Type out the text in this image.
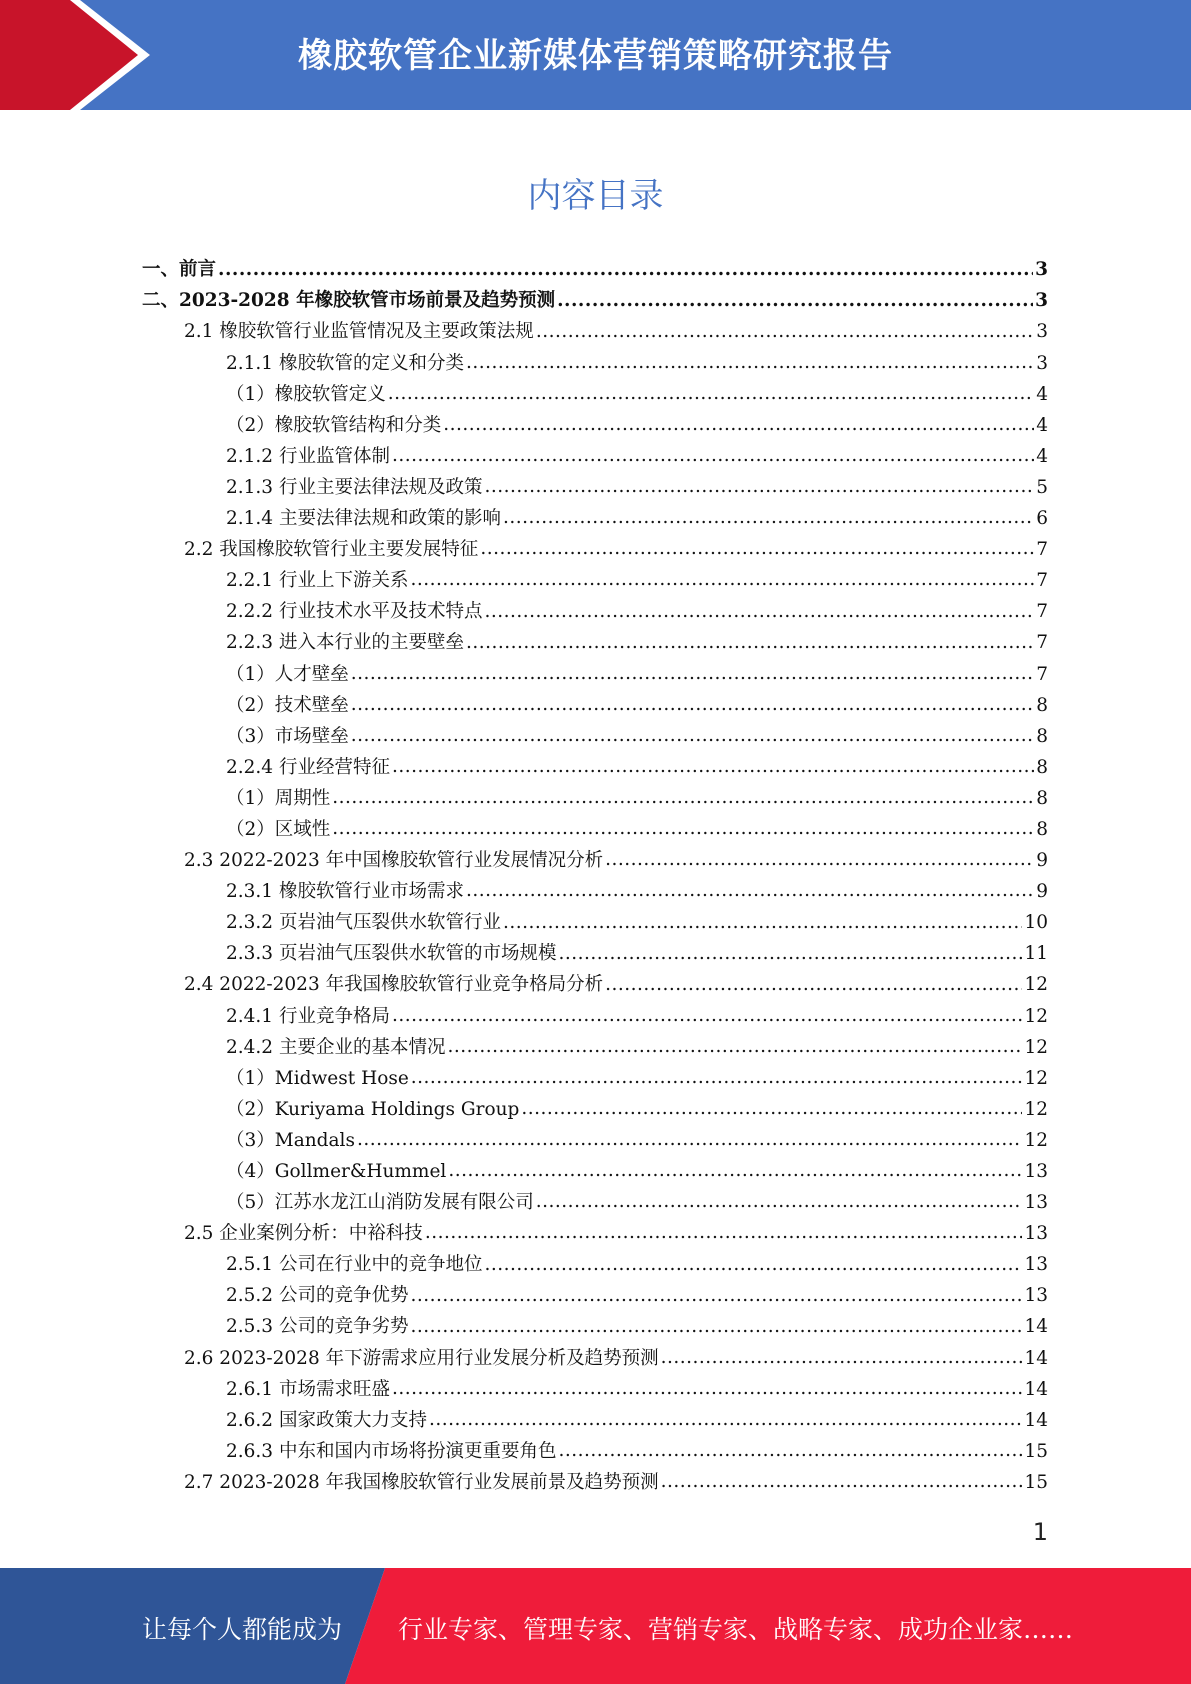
橡胶软管企业新媒体营销策略研究报告
内容目录
一、前言 .....	3
二、2023-2028 年橡胶软管市场前景及趋势预测 .....	3
2.1 橡胶软管行业监管情况及主要政策法规 .....	3
2.1.1 橡胶软管的定义和分类 .....	3
（1）橡胶软管定义 .....	4
（2）橡胶软管结构和分类 .....	4
2.1.2 行业监管体制 .....	4
2.1.3 行业主要法律法规及政策 .....	5
2.1.4 主要法律法规和政策的影响 .....	6
2.2 我国橡胶软管行业主要发展特征 .....	7
2.2.1 行业上下游关系 .....	7
2.2.2 行业技术水平及技术特点 .....	7
2.2.3 进入本行业的主要壁垒 .....	7
（1）人才壁垒 .....	7
（2）技术壁垒 .....	8
（3）市场壁垒 .....	8
2.2.4 行业经营特征 .....	8
（1）周期性 .....	8
（2）区域性 .....	8
2.3 2022-2023 年中国橡胶软管行业发展情况分析 .....	9
2.3.1 橡胶软管行业市场需求 .....	9
2.3.2 页岩油气压裂供水软管行业 .....	10
2.3.3 页岩油气压裂供水软管的市场规模 .....	11
2.4 2022-2023 年我国橡胶软管行业竞争格局分析 .....	12
2.4.1 行业竞争格局 .....	12
2.4.2 主要企业的基本情况 .....	12
（1）Midwest Hose .....	12
（2）Kuriyama Holdings Group .....	12
（3）Mandals .....	12
（4）Gollmer&Hummel .....	13
（5）江苏水龙江山消防发展有限公司 .....	13
2.5 企业案例分析：中裕科技 .....	13
2.5.1 公司在行业中的竞争地位 .....	13
2.5.2 公司的竞争优势 .....	13
2.5.3 公司的竞争劣势 .....	14
2.6 2023-2028 年下游需求应用行业发展分析及趋势预测 .....	14
2.6.1 市场需求旺盛 .....	14
2.6.2 国家政策大力支持 .....	14
2.6.3 中东和国内市场将扮演更重要角色 .....	15
2.7 2023-2028 年我国橡胶软管行业发展前景及趋势预测 .....	15
1
让每个人都能成为 行业专家、管理专家、营销专家、战略专家、成功企业家……
